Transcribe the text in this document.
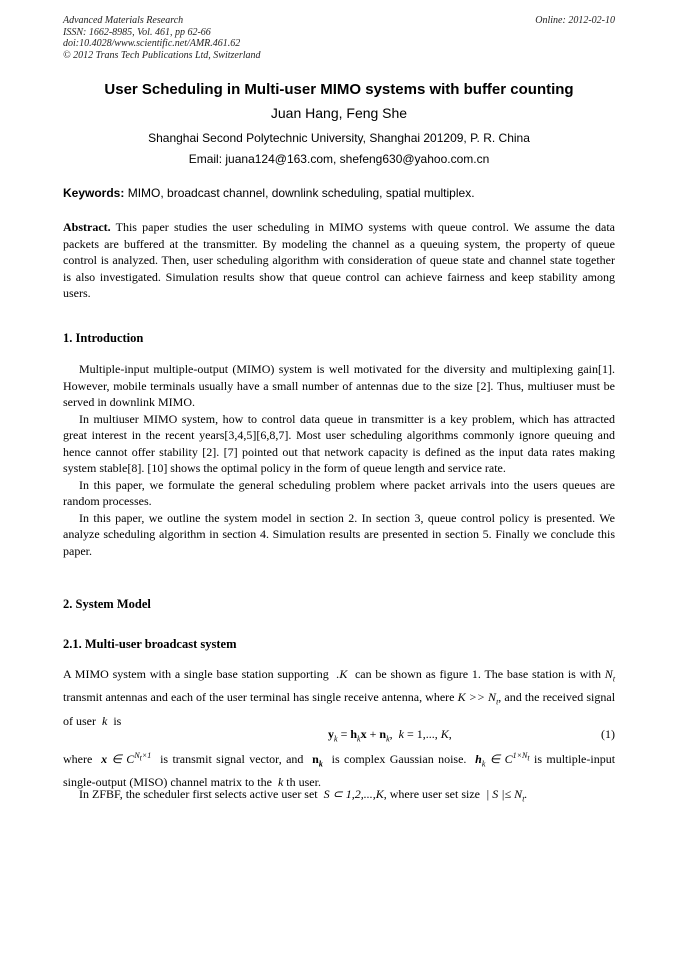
Advanced Materials Research
ISSN: 1662-8985, Vol. 461, pp 62-66
doi:10.4028/www.scientific.net/AMR.461.62
© 2012 Trans Tech Publications Ltd, Switzerland
Online: 2012-02-10
User Scheduling in Multi-user MIMO systems with buffer counting
Juan Hang, Feng She
Shanghai Second Polytechnic University, Shanghai 201209, P. R. China
Email: juana124@163.com, shefeng630@yahoo.com.cn
Keywords: MIMO, broadcast channel, downlink scheduling, spatial multiplex.
Abstract. This paper studies the user scheduling in MIMO systems with queue control. We assume the data packets are buffered at the transmitter. By modeling the channel as a queuing system, the property of queue control is analyzed. Then, user scheduling algorithm with consideration of queue state and channel state together is also investigated. Simulation results show that queue control can achieve fairness and keep stability among users.
1. Introduction
Multiple-input multiple-output (MIMO) system is well motivated for the diversity and multiplexing gain[1]. However, mobile terminals usually have a small number of antennas due to the size [2]. Thus, multiuser must be served in downlink MIMO.
In multiuser MIMO system, how to control data queue in transmitter is a key problem, which has attracted great interest in the recent years[3,4,5][6,8,7]. Most user scheduling algorithms commonly ignore queuing and hence cannot offer stability [2]. [7] pointed out that network capacity is defined as the input data rates making system stable[8]. [10] shows the optimal policy in the form of queue length and service rate.
In this paper, we formulate the general scheduling problem where packet arrivals into the users queues are random processes.
In this paper, we outline the system model in section 2. In section 3, queue control policy is presented. We analyze scheduling algorithm in section 4. Simulation results are presented in section 5. Finally we conclude this paper.
2. System Model
2.1. Multi-user broadcast system
A MIMO system with a single base station supporting  .K  can be shown as figure 1. The base station is with $N_t$ transmit antennas and each of the user terminal has single receive antenna, where $K >> N_t$, and the received signal of user  k  is
$y_k = h_kx + n_k$,  k = 1,..., K,	(1)
where x ∈ $C^{N_t\times 1}$ is transmit signal vector, and $n_k$ is complex Gaussian noise. $h_k$ ∈ $C^{1\times N_t}$ is multiple-input single-output (MISO) channel matrix to the  k th user.
In ZFBF, the scheduler first selects active user set  S ⊂ 1,2,...,K, where user set size  | S |≤ $N_t$.
